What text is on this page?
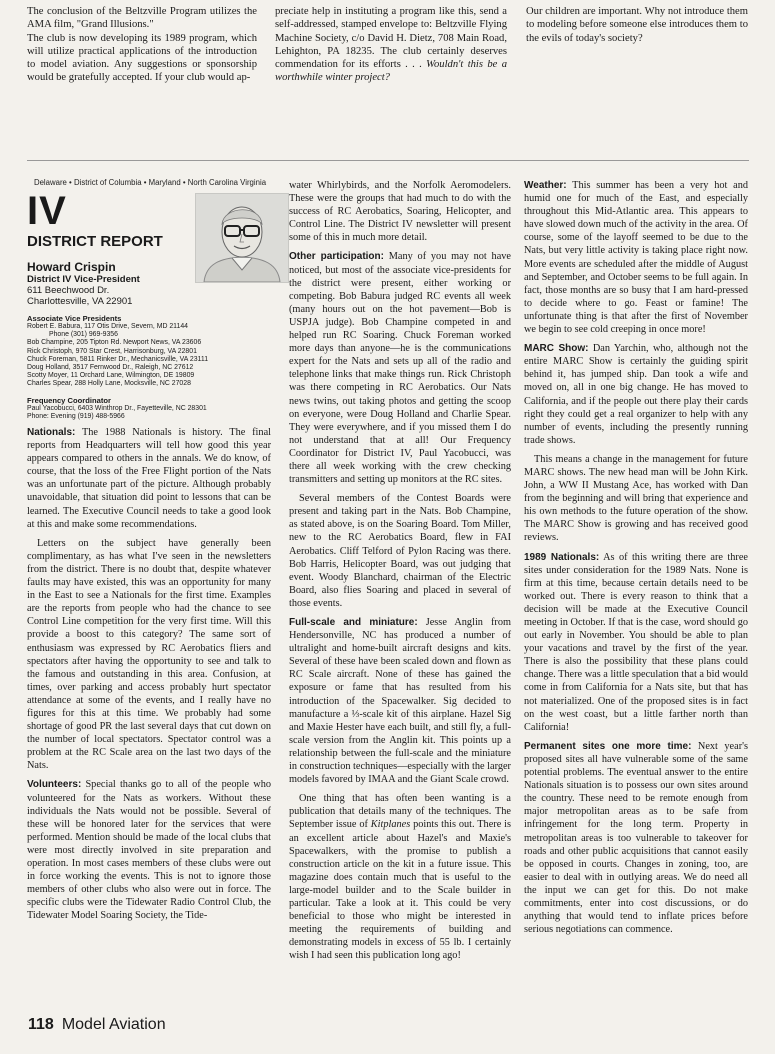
The conclusion of the Beltzville Program utilizes the AMA film, "Grand Illusions."
The club is now developing its 1989 program, which will utilize practical applications of the introduction to model aviation. Any suggestions or sponsorship would be gratefully accepted. If your club would ap-
preciate help in instituting a program like this, send a self-addressed, stamped envelope to: Beltzville Flying Machine Society, c/o David H. Dietz, 708 Main Road, Lehighton, PA 18235. The club certainly deserves commendation for its efforts . . . Wouldn't this be a worthwhile winter project?
Our children are important. Why not introduce them to modeling before someone else introduces them to the evils of today's society?
Delaware • District of Columbia • Maryland • North Carolina Virginia
IV
DISTRICT REPORT
Howard Crispin
District IV Vice-President
611 Beechwood Dr.
Charlottesville, VA 22901
Associate Vice Presidents
Robert E. Babura, 117 Otis Drive, Severn, MD 21144
Phone (301) 969-9356
Bob Champine, 205 Tipton Rd. Newport News, VA 23606
Rick Christoph, 970 Star Crest, Harrisonburg, VA 22801
Chuck Foreman, 5811 Rinker Dr., Mechanicsville, VA 23111
Doug Holland, 3517 Fernwood Dr., Raleigh, NC 27612
Scotty Moyer, 11 Orchard Lane, Wilmington, DE 19809
Charles Spear, 288 Holly Lane, Mocksville, NC 27028
Frequency Coordinator
Paul Yacobucci, 6403 Winthrop Dr., Fayetteville, NC 28301
Phone: Evening (919) 488-5966

Nationals: The 1988 Nationals is history. The final reports from Headquarters will tell how good this year appears compared to others in the annals. We do know, of course, that the loss of the Free Flight portion of the Nats was an unfortunate part of the picture. Although probably unavoidable, that situation did point to lessons that can be learned. The Executive Council needs to take a good look at this and make some recommendations.

Letters on the subject have generally been complimentary, as has what I've seen in the newsletters from the district. There is no doubt that, despite whatever faults may have existed, this was an opportunity for many in the East to see a Nationals for the first time. Examples are the reports from people who had the chance to see Control Line competition for the very first time. Will this provide a boost to this category? The same sort of enthusiasm was expressed by RC Aerobatics fliers and spectators after having the opportunity to see and talk to the famous and outstanding in this area. Confusion, at times, over parking and access probably hurt spectator attendance at some of the events, and I really have no figures for this at this time. We probably had some shortage of good PR the last several days that cut down on the number of local spectators. Spectator control was a problem at the RC Scale area on the last two days of the Nats.

Volunteers: Special thanks go to all of the people who volunteered for the Nats as workers. Without these individuals the Nats would not be possible. Several of these will be honored later for the services that were performed. Mention should be made of the local clubs that were most directly involved in site preparation and operation. In most cases members of these clubs were out in force working the events. This is not to ignore those members of other clubs who also were out in force. The specific clubs were the Tidewater Radio Control Club, the Tidewater Model Soaring Society, the Tide-

water Whirlybirds, and the Norfolk Aeromodelers. These were the groups that had much to do with the success of RC Aerobatics, Soaring, Helicopter, and Control Line. The District IV newsletter will present some of this in much more detail.

Other participation: Many of you may not have noticed, but most of the associate vice-presidents for the district were present, either working or competing. Bob Babura judged RC events all week (many hours out on the hot pavement—Bob is USPJA judge). Bob Champine competed in and helped run RC Soaring. Chuck Foreman worked more days than anyone—he is the communications expert for the Nats and sets up all of the radio and telephone links that make things run. Rick Christoph was there competing in RC Aerobatics. Our Nats news twins, out taking photos and getting the scoop on everyone, were Doug Holland and Charlie Spear. They were everywhere, and if you missed them I do not understand that at all! Our Frequency Coordinator for District IV, Paul Yacobucci, was there all week working with the crew checking transmitters and setting up monitors at the RC sites.

Several members of the Contest Boards were present and taking part in the Nats. Bob Champine, as stated above, is on the Soaring Board. Tom Miller, new to the RC Aerobatics Board, flew in FAI Aerobatics. Cliff Telford of Pylon Racing was there. Bob Harris, Helicopter Board, was out judging that event. Woody Blanchard, chairman of the Electric Board, also flies Soaring and placed in several of those events.

Full-scale and miniature: Jesse Anglin from Hendersonville, NC has produced a number of ultralight and home-built aircraft designs and kits. Several of these have been scaled down and flown as RC Scale aircraft. None of these has gained the exposure or fame that has resulted from his introduction of the Spacewalker. Sig decided to manufacture a ⅓-scale kit of this airplane. Hazel Sig and Maxie Hester have each built, and still fly, a full-scale version from the Anglin kit. This points up a relationship between the full-scale and the miniature in construction techniques—especially with the larger models favored by IMAA and the Giant Scale crowd.

One thing that has often been wanting is a publication that details many of the techniques. The September issue of Kitplanes points this out. There is an excellent article about Hazel's and Maxie's Spacewalkers, with the promise to publish a construction article on the kit in a future issue. This magazine does contain much that is useful to the large-model builder and to the Scale builder in particular. Take a look at it. This could be very beneficial to those who might be interested in meeting the requirements of building and demonstrating models in excess of 55 lb. I certainly wish I had seen this publication long ago!

Weather: This summer has been a very hot and humid one for much of the East, and especially throughout this Mid-Atlantic area. This appears to have slowed down much of the activity in the area. Of course, some of the layoff seemed to be due to the Nats, but very little activity is taking place right now. More events are scheduled after the middle of August and September, and October seems to be full again. In fact, those months are so busy that I am hard-pressed to decide where to go. Feast or famine! The unfortunate thing is that after the first of November we begin to see cold creeping in once more!

MARC Show: Dan Yarchin, who, although not the entire MARC Show is certainly the guiding spirit behind it, has jumped ship. Dan took a wife and moved on, all in one big change. He has moved to California, and if the people out there play their cards right they could get a real organizer to help with any number of events, including the presently running trade shows.

This means a change in the management for future MARC shows. The new head man will be John Kirk. John, a WW II Mustang Ace, has worked with Dan from the beginning and will bring that experience and his own methods to the future operation of the show. The MARC Show is growing and has received good reviews.

1989 Nationals: As of this writing there are three sites under consideration for the 1989 Nats. None is firm at this time, because certain details need to be worked out. There is every reason to think that a decision will be made at the Executive Council meeting in October. If that is the case, word should go out early in November. You should be able to plan your vacations and travel by the first of the year. There is also the possibility that these plans could change. There was a little speculation that a bid would come in from California for a Nats site, but that has not materialized. One of the proposed sites is in fact on the west coast, but a little farther north than California!

Permanent sites one more time: Next year's proposed sites all have vulnerable some of the same potential problems. The eventual answer to the entire Nationals situation is to possess our own sites around the country. These need to be remote enough from major metropolitan areas as to be safe from infringement for the long term. Property in metropolitan areas is too vulnerable to takeover for roads and other public acquisitions that cannot easily be opposed in courts. Changes in zoning, too, are easier to deal with in outlying areas. We do need all the input we can get for this. Do not make commitments, enter into cost discussions, or do anything that would tend to inflate prices before serious negotiations can commence.

118 Model Aviation
